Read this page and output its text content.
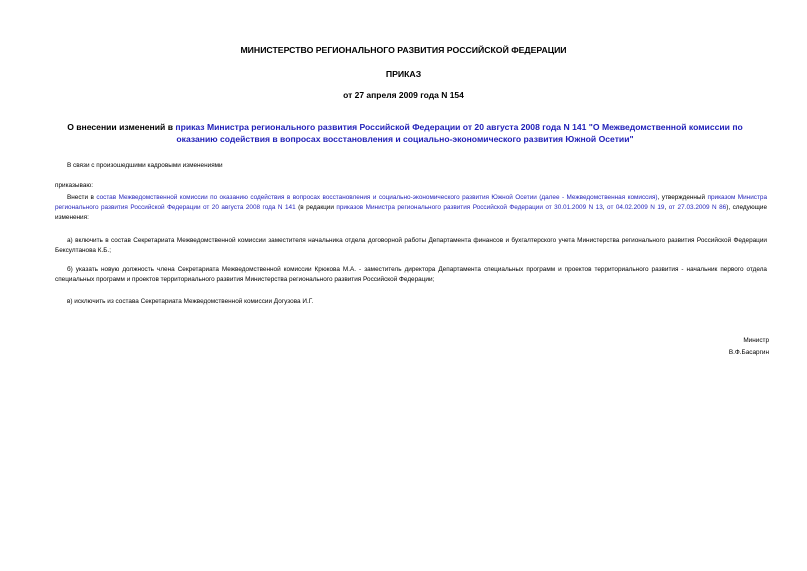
МИНИСТЕРСТВО РЕГИОНАЛЬНОГО РАЗВИТИЯ РОССИЙСКОЙ ФЕДЕРАЦИИ
ПРИКАЗ
от 27 апреля 2009 года N 154
О внесении изменений в приказ Министра регионального развития Российской Федерации от 20 августа 2008 года N 141 "О Межведомственной комиссии по оказанию содействия в вопросах восстановления и социально-экономического развития Южной Осетии"
В связи с произошедшими кадровыми изменениями
приказываю:
Внести в состав Межведомственной комиссии по оказанию содействия в вопросах восстановления и социально-экономического развития Южной Осетии (далее - Межведомственная комиссия), утвержденный приказом Министра регионального развития Российской Федерации от 20 августа 2008 года N 141 (в редакции приказов Министра регионального развития Российской Федерации от 30.01.2009 N 13, от 04.02.2009 N 19, от 27.03.2009 N 86), следующие изменения:
а) включить в состав Секретариата Межведомственной комиссии заместителя начальника отдела договорной работы Департамента финансов и бухгалтерского учета Министерства регионального развития Российской Федерации Бексултанова К.Б.;
б) указать новую должность члена Секретариата Межведомственной комиссии Крюкова М.А. - заместитель директора Департамента специальных программ и проектов территориального развития - начальник первого отдела специальных программ и проектов территориального развития Министерства регионального развития Российской Федерации;
в) исключить из состава Секретариата Межведомственной комиссии Догузова И.Г.
Министр
В.Ф.Басаргин
